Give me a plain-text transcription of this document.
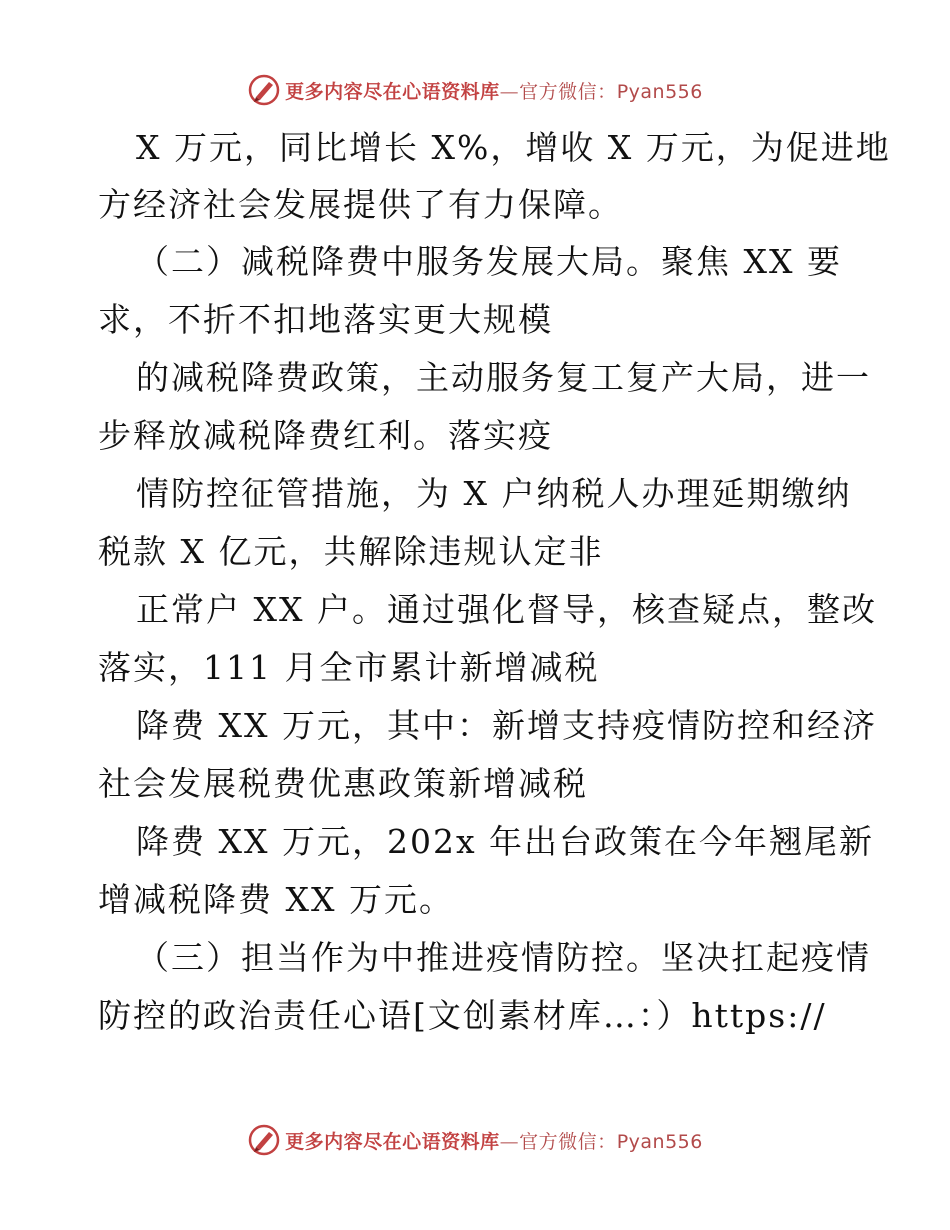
更多内容尽在心语资料库—官方微信：Pyan556
X 万元，同比增长 X%，增收 X 万元，为促进地
方经济社会发展提供了有力保障。
（二）减税降费中服务发展大局。聚焦 XX 要
求，不折不扣地落实更大规模
的减税降费政策，主动服务复工复产大局，进一
步释放减税降费红利。落实疫
情防控征管措施，为 X 户纳税人办理延期缴纳
税款 X 亿元，共解除违规认定非
正常户 XX 户。通过强化督导，核查疑点，整改
落实，111 月全市累计新增减税
降费 XX 万元，其中：新增支持疫情防控和经济
社会发展税费优惠政策新增减税
降费 XX 万元，202x 年出台政策在今年翘尾新
增减税降费 XX 万元。
（三）担当作为中推进疫情防控。坚决扛起疫情
防控的政治责任心语[文创素材库…：）https://
更多内容尽在心语资料库—官方微信：Pyan556
